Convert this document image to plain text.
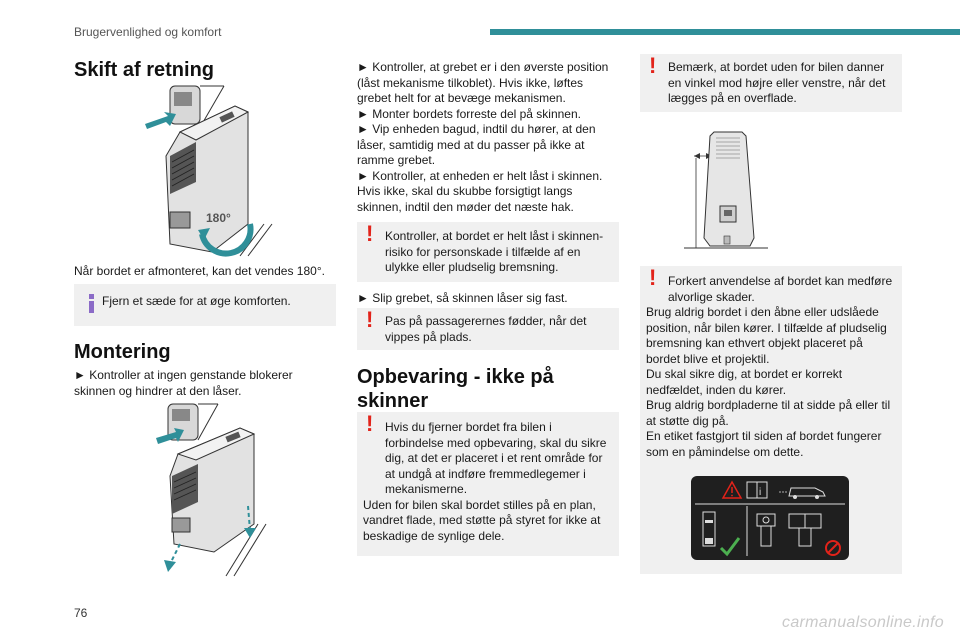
Brugervenlighed og komfort
Skift af retning
180°

Når bordet er afmonteret, kan det vendes 180°.

Fjern et sæde for at øge komforten.
Montering

► Kontroller at ingen genstande blokerer skinnen og hindrer at den låser.

► Kontroller, at grebet er i den øverste position (låst mekanisme tilkoblet). Hvis ikke, løftes grebet helt for at bevæge mekanismen.

► Monter bordets forreste del på skinnen.

► Vip enheden bagud, indtil du hører, at den låser, samtidig med at du passer på ikke at ramme grebet.

► Kontroller, at enheden er helt låst i skinnen. Hvis ikke, skal du skubbe forsigtigt langs skinnen, indtil den møder det næste hak.

! Kontroller, at bordet er helt låst i skinnen- risiko for personskade i tilfælde af en ulykke eller pludselig bremsning.

► Slip grebet, så skinnen låser sig fast.

! Pas på passagerernes fødder, når det vippes på plads.
Opbevaring - ikke på skinner
! Hvis du fjerner bordet fra bilen i forbindelse med opbevaring, skal du sikre dig, at det er placeret i et rent område for at undgå at indføre fremmedlegemer i mekanismerne.
Uden for bilen skal bordet stilles på en plan, vandret flade, med støtte på styret for ikke at beskadige de synlige dele.
! Bemærk, at bordet uden for bilen danner en vinkel mod højre eller venstre, når det lægges på en overflade.
! Forkert anvendelse af bordet kan medføre alvorlige skader.
Brug aldrig bordet i den åbne eller udslåede position, når bilen kører. I tilfælde af pludselig bremsning kan ethvert objekt placeret på bordet blive et projektil.
Du skal sikre dig, at bordet er korrekt nedfældet, inden du kører.
Brug aldrig bordpladerne til at sidde på eller til at støtte dig på.
En etiket fastgjort til siden af bordet fungerer som en påmindelse om dette.
i
76
carmanualsonline.info
